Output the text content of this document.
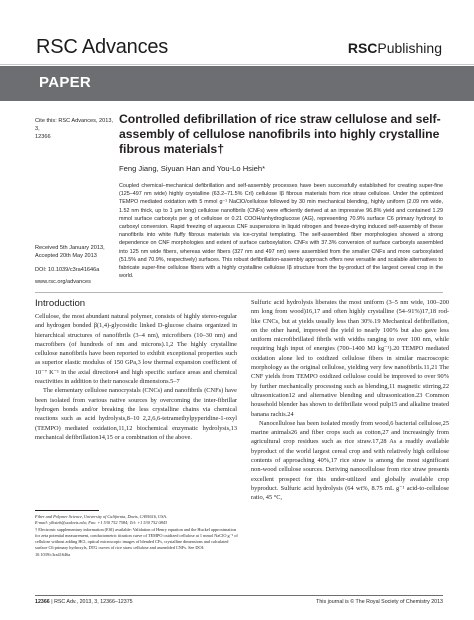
RSC Advances	RSCPublishing
PAPER
Cite this: RSC Advances, 2013, 3,
12366
Controlled defibrillation of rice straw cellulose and self-assembly of cellulose nanofibrils into highly crystalline fibrous materials†
Feng Jiang, Siyuan Han and You-Lo Hsieh*
Coupled chemical–mechanical defibrillation and self-assembly processes have been successfully established for creating super-fine (125–497 nm wide) highly crystalline (63.2–71.5% CrI) cellulose Iβ fibrous materials from rice straw cellulose. Under the optimized TEMPO mediated oxidation with 5 mmol g⁻¹ NaClO/cellulose followed by 30 min mechanical blending, highly uniform (2.09 nm wide, 1.52 nm thick, up to 1 μm long) cellulose nanofibrils (CNFs) were efficiently derived at an impressive 96.8% yield and contained 1.29 mmol surface carboxyls per g of cellulose or 0.21 COOH/anhydroglucose (AG), representing 70.9% surface C6 primary hydroxyl to carboxyl conversion. Rapid freezing of aqueous CNF suspensions in liquid nitrogen and freeze-drying induced self-assembly of these nanofibrils into white fluffy fibrous materials via ice-crystal templating. The self-assembled fiber morphologies showed a strong dependence on CNF morphologies and extent of surface carboxylation. CNFs with 37.3% conversion of surface carboxyls assembled into 125 nm wide fibers, whereas wider fibers (327 nm and 497 nm) were assembled from the smaller CNFs and more carboxylated (51.5% and 70.9%, respectively) surfaces. This robust defibrillation-assembly approach offers new versatile and scalable alternatives to fabricate super-fine cellulose fibers with a highly crystalline cellulose Iβ structure from the by-product of the largest cereal crop in the world.
Received 5th January 2013,
Accepted 20th May 2013
DOI: 10.1039/c3ra41646a
www.rsc.org/advances
Introduction

Cellulose, the most abundant natural polymer, consists of highly stereo-regular and hydrogen bonded β(1,4)-glycosidic linked D-glucose chains organized in hierarchical structures of nanofibrils (3–4 nm), microfibers (10–30 nm) and macrofibers (of hundreds of nm and microns).1,2 The highly crystalline cellulose nanofibrils have been reported to exhibit exceptional properties such as superior elastic modulus of 150 GPa,3 low thermal expansion coefficient of 10⁻⁷ K⁻¹ in the axial direction4 and high specific surface areas and chemical reactivities in addition to their nanoscale dimensions.5–7

The elementary cellulose nanocrystals (CNCs) and nanofibrils (CNFs) have been isolated from various native sources by overcoming the inter-fibrillar hydrogen bonds and/or breaking the less crystalline chains via chemical reactions such as acid hydrolysis,8–10 2,2,6,6-tetramethylpyperidine-1-oxyl (TEMPO) mediated oxidation,11,12 biochemical enzymatic hydrolysis,13 mechanical defibrillation14,15 or a combination of the above.

Sulfuric acid hydrolysis liberates the most uniform (3–5 nm wide, 100–200 nm long from wood)16,17 and often highly crystalline (54–91%)17,18 rod-like CNCs, but at yields usually less than 30%.19 Mechanical defibrillation, on the other hand, improved the yield to nearly 100% but also gave less uniform microfibrillated fibrils with widths ranging to over 100 nm, while requiring high input of energies (700–1400 MJ kg⁻¹).20 TEMPO mediated oxidation alone led to oxidized cellulose fibers in similar macroscopic morphology as the original cellulose, yielding very few nanofibrils.11,21 The CNF yields from TEMPO oxidized cellulose could be improved to over 90% by further mechanically processing such as blending,11 magnetic stirring,22 ultrasonication12 and alternative blending and ultrasonication.23 Common household blender has shown to defibrillate wood pulp15 and alkaline treated banana rachis.24

Nanocellulose has been isolated mostly from wood,6 bacterial cellulose,25 marine animals26 and fiber crops such as cotton,27 and increasingly from agricultural crop residues such as rice straw.17,28 As a readily available byproduct of the world largest cereal crop and with relatively high cellulose contents of approaching 40%,17 rice straw is among the most significant non-wood cellulose sources. Deriving nanocellulose from rice straw presents excellent prospect for this under-utilized and globally available crop byproduct. Sulfuric acid hydrolysis (64 wt%, 8.75 mL g⁻¹ acid-to-cellulose ratio, 45 °C,

Fiber and Polymer Science, University of California, Davis, CA95616, USA.
E-mail: ylhsieh@ucdavis.edu; Fax: +1 530 752 7584; Tel: +1 530 752 0843
† Electronic supplementary information (ESI) available: Validation of Henry equation and the Huckel approximation for zeta potential measurement, conductometric titration curve of TEMPO oxidized cellulose at 1 mmol NaClO g⁻¹ of cellulose without adding HCl, optical microscopic images of blended CFs, crystalline dimensions and calculated surface C6 primary hydroxyls, DTG curves of rice straw cellulose and assembled CNFs. See DOI: 10.1039/c3ra41646a
12366 | RSC Adv., 2013, 3, 12366–12375	This journal is © The Royal Society of Chemistry 2013
